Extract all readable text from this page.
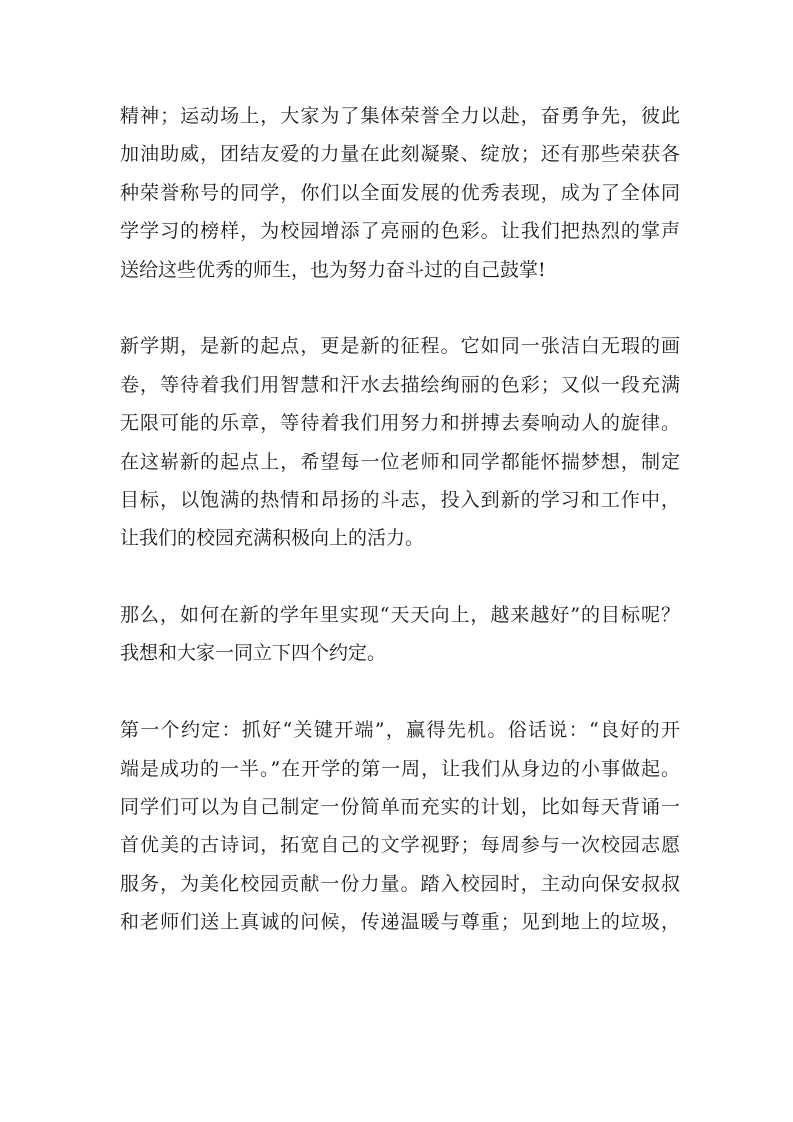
精神；运动场上，大家为了集体荣誉全力以赴，奋勇争先，彼此
加油助威，团结友爱的力量在此刻凝聚、绽放；还有那些荣获各
种荣誉称号的同学，你们以全面发展的优秀表现，成为了全体同
学学习的榜样，为校园增添了亮丽的色彩。让我们把热烈的掌声
送给这些优秀的师生，也为努力奋斗过的自己鼓掌!

新学期，是新的起点，更是新的征程。它如同一张洁白无瑕的画
卷，等待着我们用智慧和汗水去描绘绚丽的色彩；又似一段充满
无限可能的乐章，等待着我们用努力和拼搏去奏响动人的旋律。
在这崭新的起点上，希望每一位老师和同学都能怀揣梦想，制定
目标，以饱满的热情和昂扬的斗志，投入到新的学习和工作中，
让我们的校园充满积极向上的活力。

那么，如何在新的学年里实现“天天向上，越来越好”的目标呢？
我想和大家一同立下四个约定。

第一个约定：抓好“关键开端”，赢得先机。俗话说：“良好的开
端是成功的一半。”在开学的第一周，让我们从身边的小事做起。
同学们可以为自己制定一份简单而充实的计划，比如每天背诵一
首优美的古诗词，拓宽自己的文学视野；每周参与一次校园志愿
服务，为美化校园贡献一份力量。踏入校园时，主动向保安叔叔
和老师们送上真诚的问候，传递温暖与尊重；见到地上的垃圾，
